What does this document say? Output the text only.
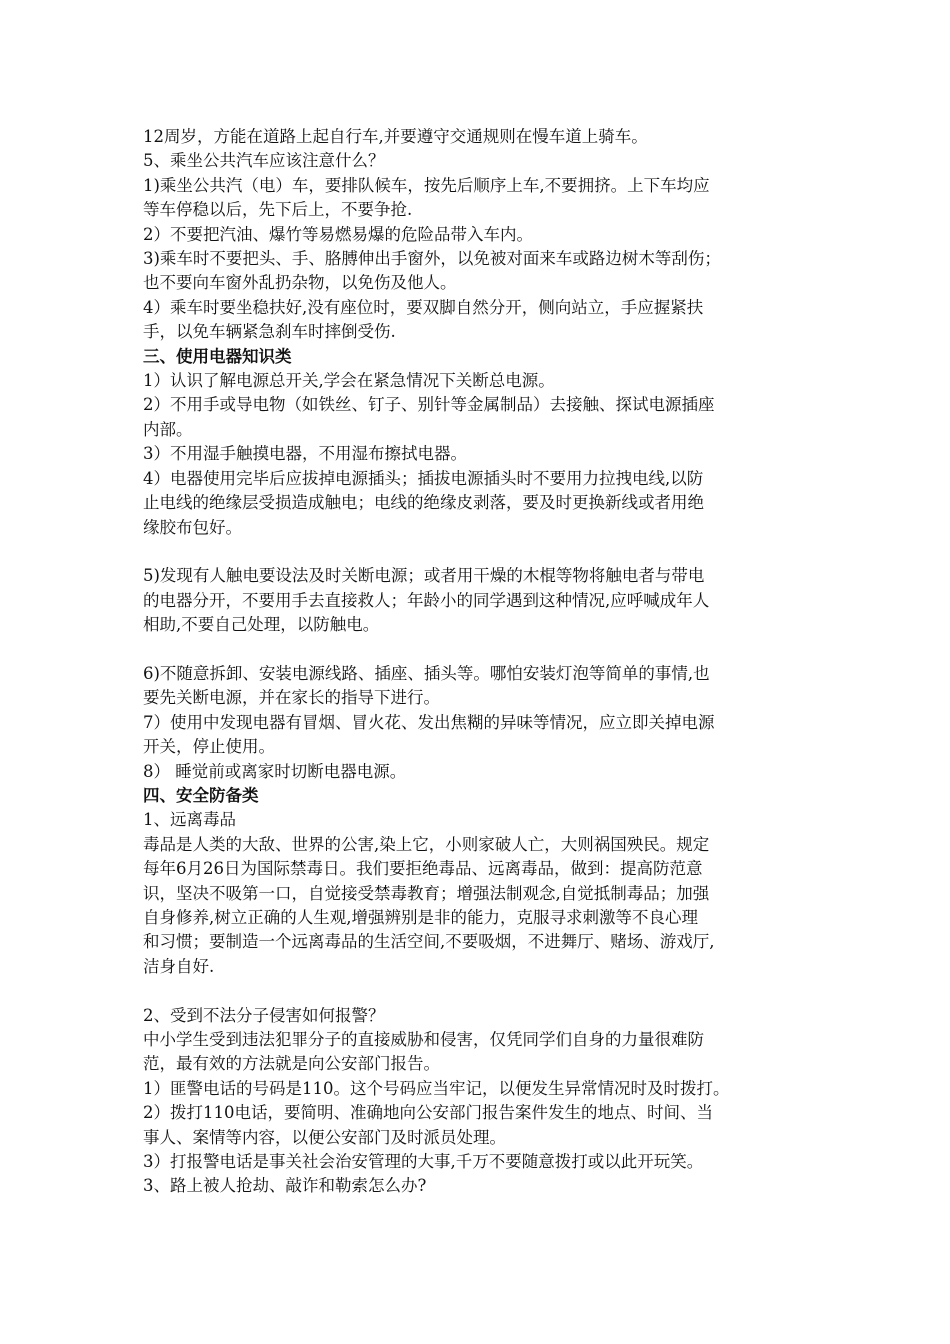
12周岁，方能在道路上起自行车,并要遵守交通规则在慢车道上骑车。

5、乘坐公共汽车应该注意什么？

1)乘坐公共汽（电）车，要排队候车，按先后顺序上车,不要拥挤。上下车均应

等车停稳以后，先下后上，不要争抢.

2）不要把汽油、爆竹等易燃易爆的危险品带入车内。

3)乘车时不要把头、手、胳膊伸出手窗外，以免被对面来车或路边树木等刮伤；

也不要向车窗外乱扔杂物，以免伤及他人。

4）乘车时要坐稳扶好,没有座位时，要双脚自然分开，侧向站立，手应握紧扶

手，以免车辆紧急刹车时摔倒受伤.

三、使用电器知识类

1）认识了解电源总开关,学会在紧急情况下关断总电源。

2）不用手或导电物（如铁丝、钉子、别针等金属制品）去接触、探试电源插座

内部。

3）不用湿手触摸电器，不用湿布擦拭电器。

4）电器使用完毕后应拔掉电源插头；插拔电源插头时不要用力拉拽电线,以防

止电线的绝缘层受损造成触电；电线的绝缘皮剥落，要及时更换新线或者用绝

缘胶布包好。

5)发现有人触电要设法及时关断电源；或者用干燥的木棍等物将触电者与带电

的电器分开，不要用手去直接救人；年龄小的同学遇到这种情况,应呼喊成年人

相助,不要自己处理，以防触电。

6)不随意拆卸、安装电源线路、插座、插头等。哪怕安装灯泡等简单的事情,也

要先关断电源，并在家长的指导下进行。

7）使用中发现电器有冒烟、冒火花、发出焦糊的异味等情况，应立即关掉电源

开关，停止使用。

8） 睡觉前或离家时切断电器电源。

四、安全防备类

1、远离毒品

毒品是人类的大敌、世界的公害,染上它，小则家破人亡，大则祸国殃民。规定

每年6月26日为国际禁毒日。我们要拒绝毒品、远离毒品，做到：提高防范意

识，坚决不吸第一口，自觉接受禁毒教育；增强法制观念,自觉抵制毒品；加强

自身修养,树立正确的人生观,增强辨别是非的能力，克服寻求刺激等不良心理

和习惯；要制造一个远离毒品的生活空间,不要吸烟，不进舞厅、赌场、游戏厅,

洁身自好.

2、受到不法分子侵害如何报警？

中小学生受到违法犯罪分子的直接威胁和侵害，仅凭同学们自身的力量很难防

范，最有效的方法就是向公安部门报告。

1）匪警电话的号码是110。这个号码应当牢记，以便发生异常情况时及时拨打。

2）拨打110电话，要简明、准确地向公安部门报告案件发生的地点、时间、当

事人、案情等内容，以便公安部门及时派员处理。

3）打报警电话是事关社会治安管理的大事,千万不要随意拨打或以此开玩笑。

3、路上被人抢劫、敲诈和勒索怎么办?
